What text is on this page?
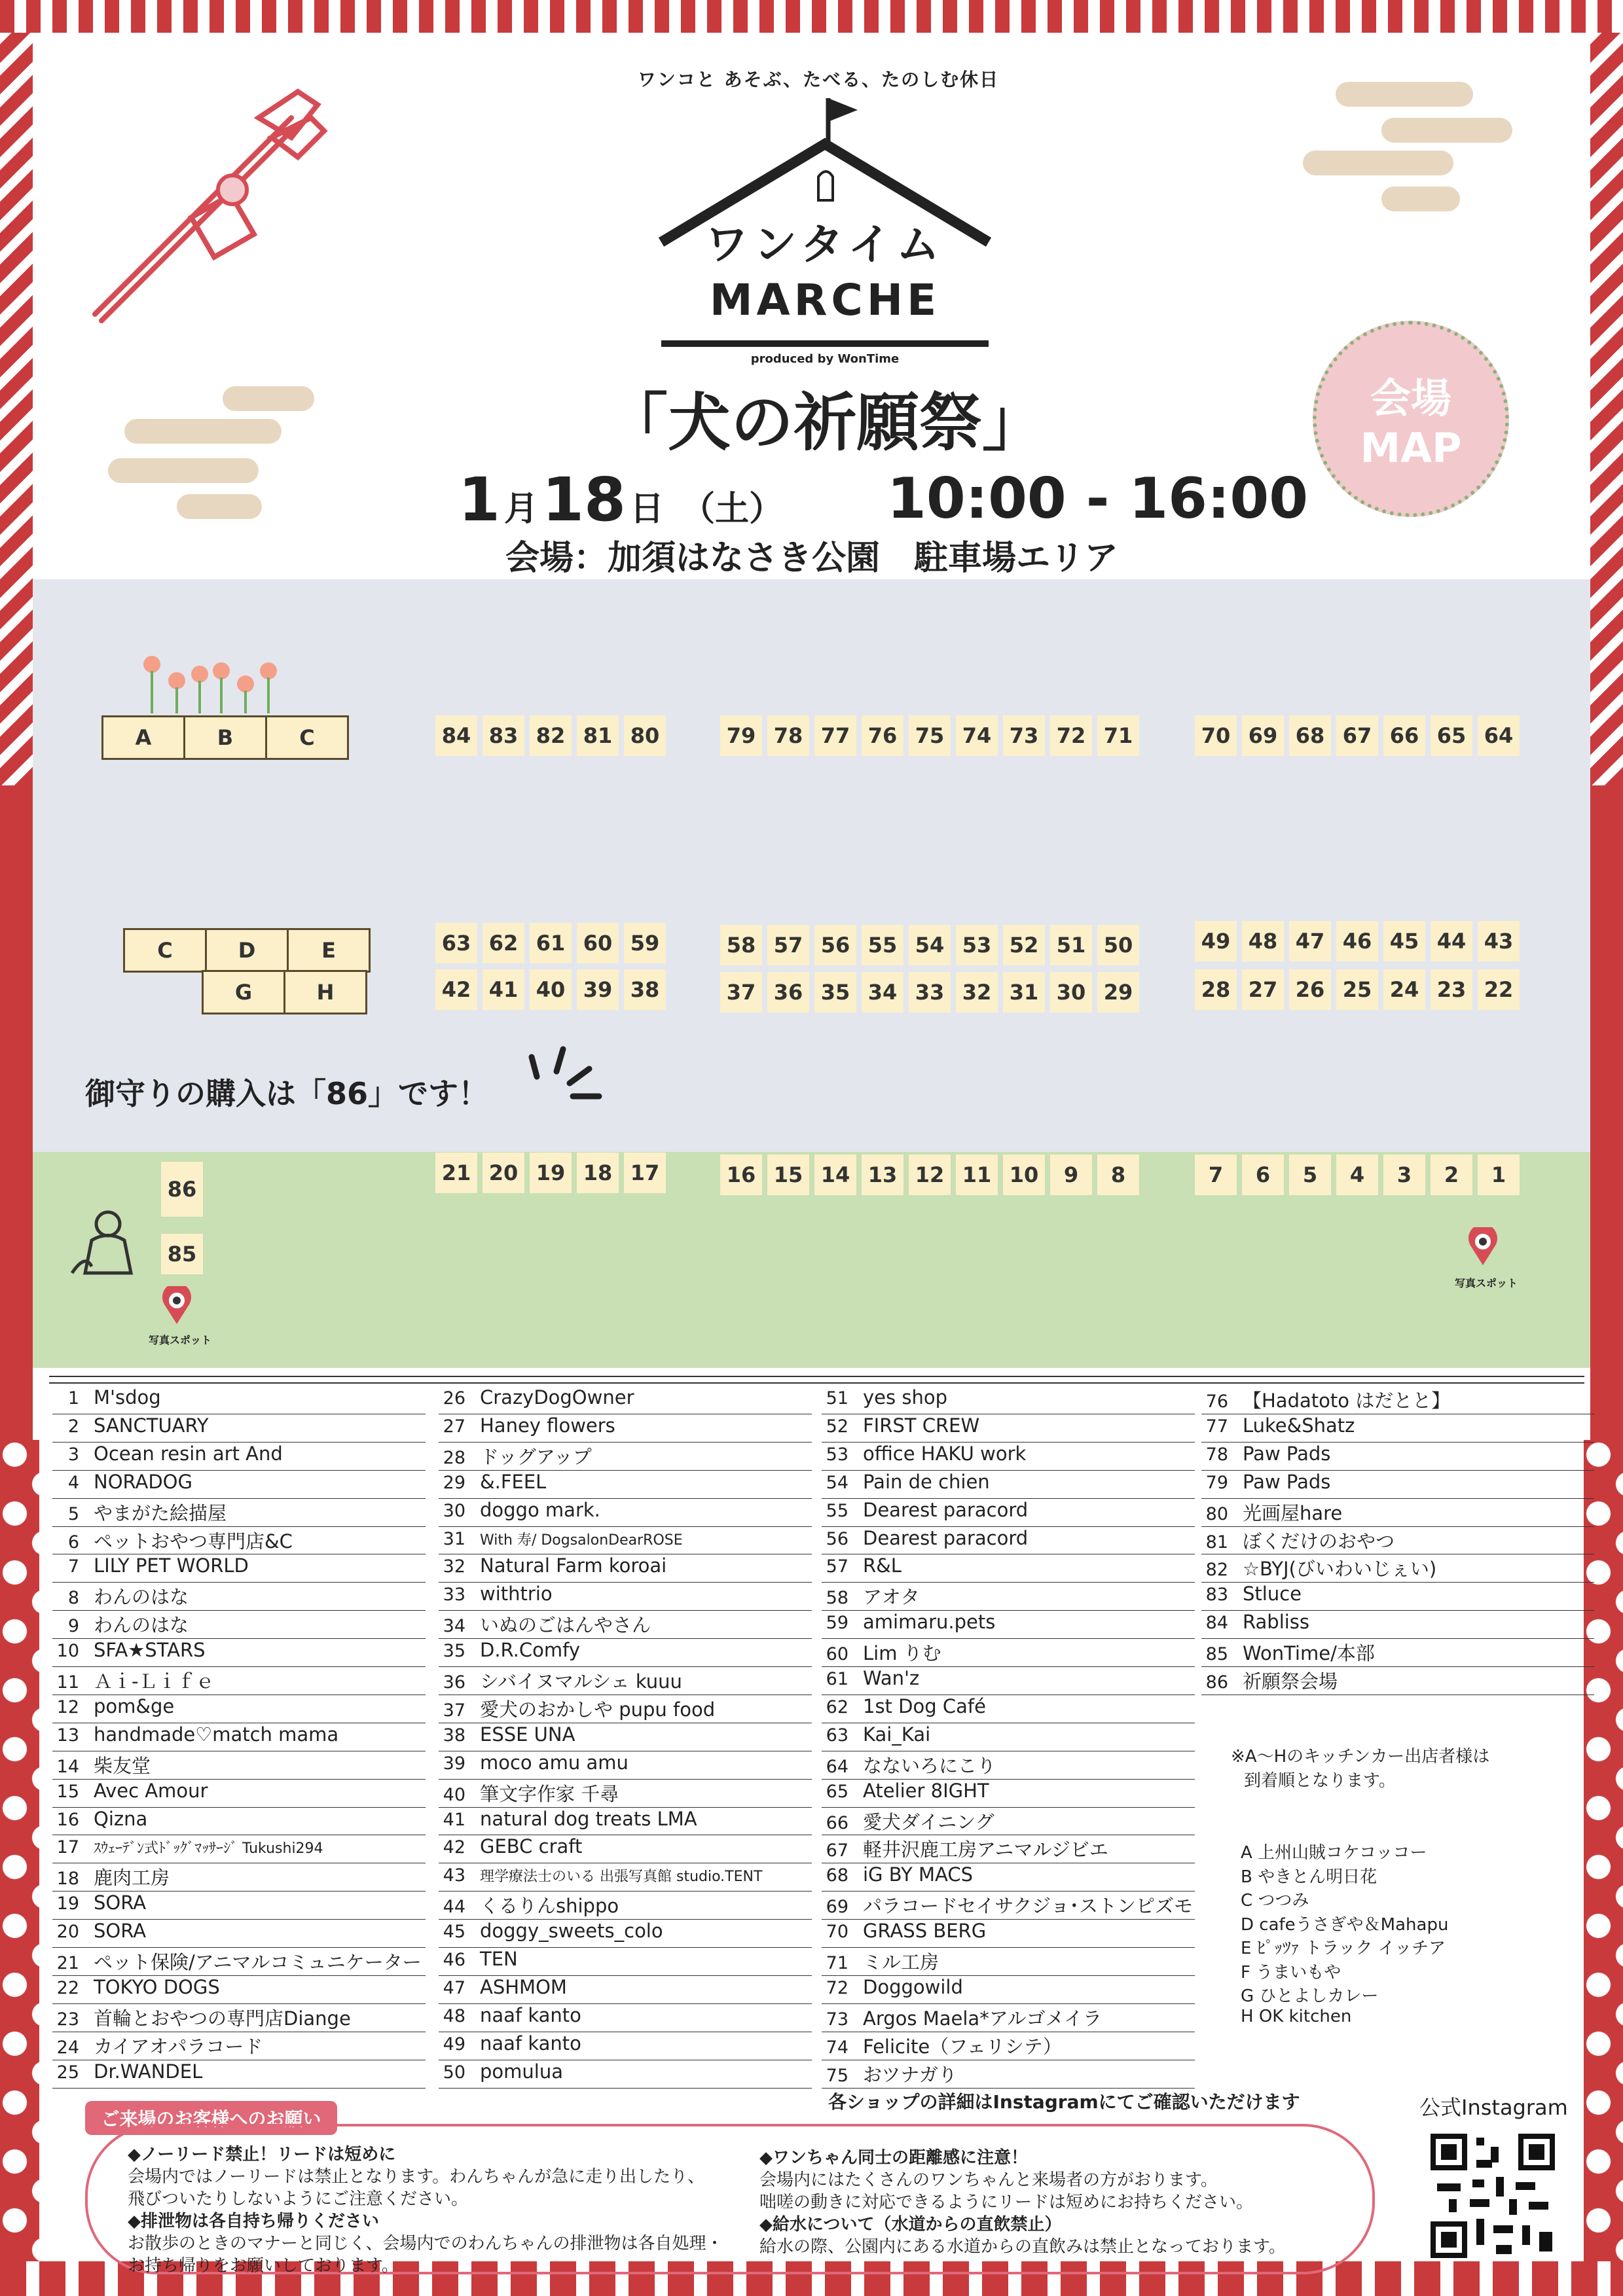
ワンコと あそぶ、たべる、たのしむ休日
ワンタイム
MARCHE
produced by WonTime
「犬の祈願祭」
1 月 18 日 （土） 10:00 - 16:00
会場：加須はなさき公園　駐車場エリア
会場
MAP
A	B	C	84 83 82 81 80	79 78 77 76 75 74 73 72 71	70 69 68 67 66 65 64
C	D	E
G	H
63 62 61 60 59	58 57 56 55 54 53 52 51 50	49 48 47 46 45 44 43
42 41 40 39 38	37 36 35 34 33 32 31 30 29	28 27 26 25 24 23 22
21 20 19 18 17	16 15 14 13 12 11 10	9	8	7	6	5	4	3	2	1
御守りの購入は「86」です！
86
85
写真スポット
写真スポット
1 M'sdog
2 SANCTUARY
3 Ocean resin art And
4 NORADOG
5 やまがた絵描屋
6 ペットおやつ専門店&C
7 LILY PET WORLD
8 わんのはな
9 わんのはな
10 SFA★STARS
11 Ａｉ-Ｌｉｆｅ
12 pom&ge
13 handmade♡match mama
14 柴友堂
15 Avec Amour
16 Qizna
17 ｽｳｪｰﾃﾞﾝ式ﾄﾞｯｸﾞﾏｯｻｰｼﾞ Tukushi294
18 鹿肉工房
19 SORA
20 SORA
21 ペット保険/アニマルコミュニケーター
22 TOKYO DOGS
23 首輪とおやつの専門店Diange
24 カイアオパラコード
25 Dr.WANDEL
26 CrazyDogOwner
27 Haney flowers
28 ドッグアップ
29 &.FEEL
30 doggo mark.
31 With 寿/ DogsalonDearROSE
32 Natural Farm koroai
33 withtrio
34 いぬのごはんやさん
35 D.R.Comfy
36 シバイヌマルシェ kuuu
37 愛犬のおかしや pupu food
38 ESSE UNA
39 moco amu amu
40 筆文字作家 千尋
41 natural dog treats LMA
42 GEBC craft
43 理学療法士のいる 出張写真館 studio.TENT
44 くるりんshippo
45 doggy_sweets_colo
46 TEN
47 ASHMOM
48 naaf kanto
49 naaf kanto
50 pomulua
51 yes shop
52 FIRST CREW
53 office HAKU work
54 Pain de chien
55 Dearest paracord
56 Dearest paracord
57 R&L
58 アオタ
59 amimaru.pets
60 Lim りむ
61 Wan'z
62 1st Dog Café
63 Kai_Kai
64 なないろにこり
65 Atelier 8IGHT
66 愛犬ダイニング
67 軽井沢鹿工房アニマルジビエ
68 iG BY MACS
69 パラコードセイサクジョ･ストンピズモ
70 GRASS BERG
71 ミル工房
72 Doggowild
73 Argos Maela*アルゴメイラ
74 Felicite（フェリシテ）
75 おツナガり
76 【Hadatoto はだとと】
77 Luke&Shatz
78 Paw Pads
79 Paw Pads
80 光画屋hare
81 ぼくだけのおやつ
82 ☆BYJ(びいわいじぇい)
83 Stluce
84 Rabliss
85 WonTime/本部
86 祈願祭会場
※A～Hのキッチンカー出店者様は
到着順となります。
A 上州山賊コケコッコー
B やきとん明日花
C つつみ
D cafeうさぎや＆Mahapu
E ﾋﾟｯﾂｧ トラック イッチア
F うまいもや
G ひとよしカレー
H OK kitchen
各ショップの詳細はInstagramにてご確認いただけます	公式Instagram
ご来場のお客様へのお願い
◆ノーリード禁止！リードは短めに
会場内ではノーリードは禁止となります。わんちゃんが急に走り出したり、
飛びついたりしないようにご注意ください。
◆排泄物は各自持ち帰りください
お散歩のときのマナーと同じく、会場内でのわんちゃんの排泄物は各自処理・
お持ち帰りをお願いしております。
◆ワンちゃん同士の距離感に注意！
会場内にはたくさんのワンちゃんと来場者の方がおります。
咄嗟の動きに対応できるようにリードは短めにお持ちください。
◆給水について（水道からの直飲禁止）
給水の際、公園内にある水道からの直飲みは禁止となっております。
